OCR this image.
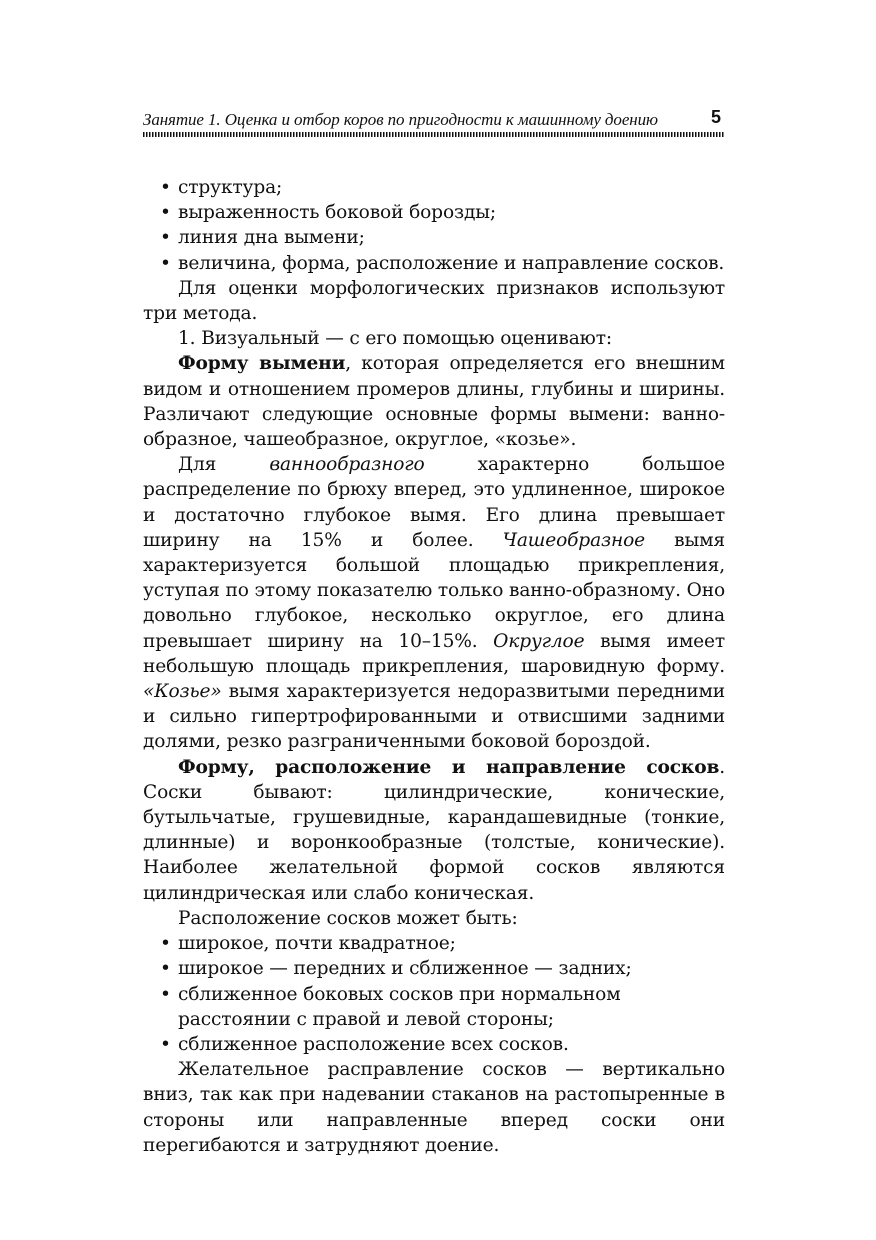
Занятие 1. Оценка и отбор коров по пригодности к машинному доению	5
• структура;
• выраженность боковой борозды;
• линия дна вымени;
• величина, форма, расположение и направление сосков.

Для оценки морфологических признаков используют три метода.

1. Визуальный — с его помощью оценивают:

Форму вымени, которая определяется его внешним видом и отношением промеров длины, глубины и ширины. Различают следующие основные формы вымени: ванно-образное, чашеобразное, округлое, «козье».

Для ваннообразного характерно большое распределение по брюху вперед, это удлиненное, широкое и достаточно глубокое вымя. Его длина превышает ширину на 15% и более. Чашеобразное вымя характеризуется большой площадью прикрепления, уступая по этому показателю только ванно-образному. Оно довольно глубокое, несколько округлое, его длина превышает ширину на 10–15%. Округлое вымя имеет небольшую площадь прикрепления, шаровидную форму. «Козье» вымя характеризуется недоразвитыми передними и сильно гипертрофированными и отвисшими задними долями, резко разграниченными боковой бороздой.

Форму, расположение и направление сосков. Соски бывают: цилиндрические, конические, бутыльчатые, грушевидные, карандашевидные (тонкие, длинные) и воронкообразные (толстые, конические). Наиболее желательной формой сосков являются цилиндрическая или слабо коническая.

Расположение сосков может быть:

• широкое, почти квадратное;
• широкое — передних и сближенное — задних;
• сближенное боковых сосков при нормальном расстоянии с правой и левой стороны;
• сближенное расположение всех сосков.

Желательное расправление сосков — вертикально вниз, так как при надевании стаканов на растопыренные в стороны или направленные вперед соски они перегибаются и затрудняют доение.
